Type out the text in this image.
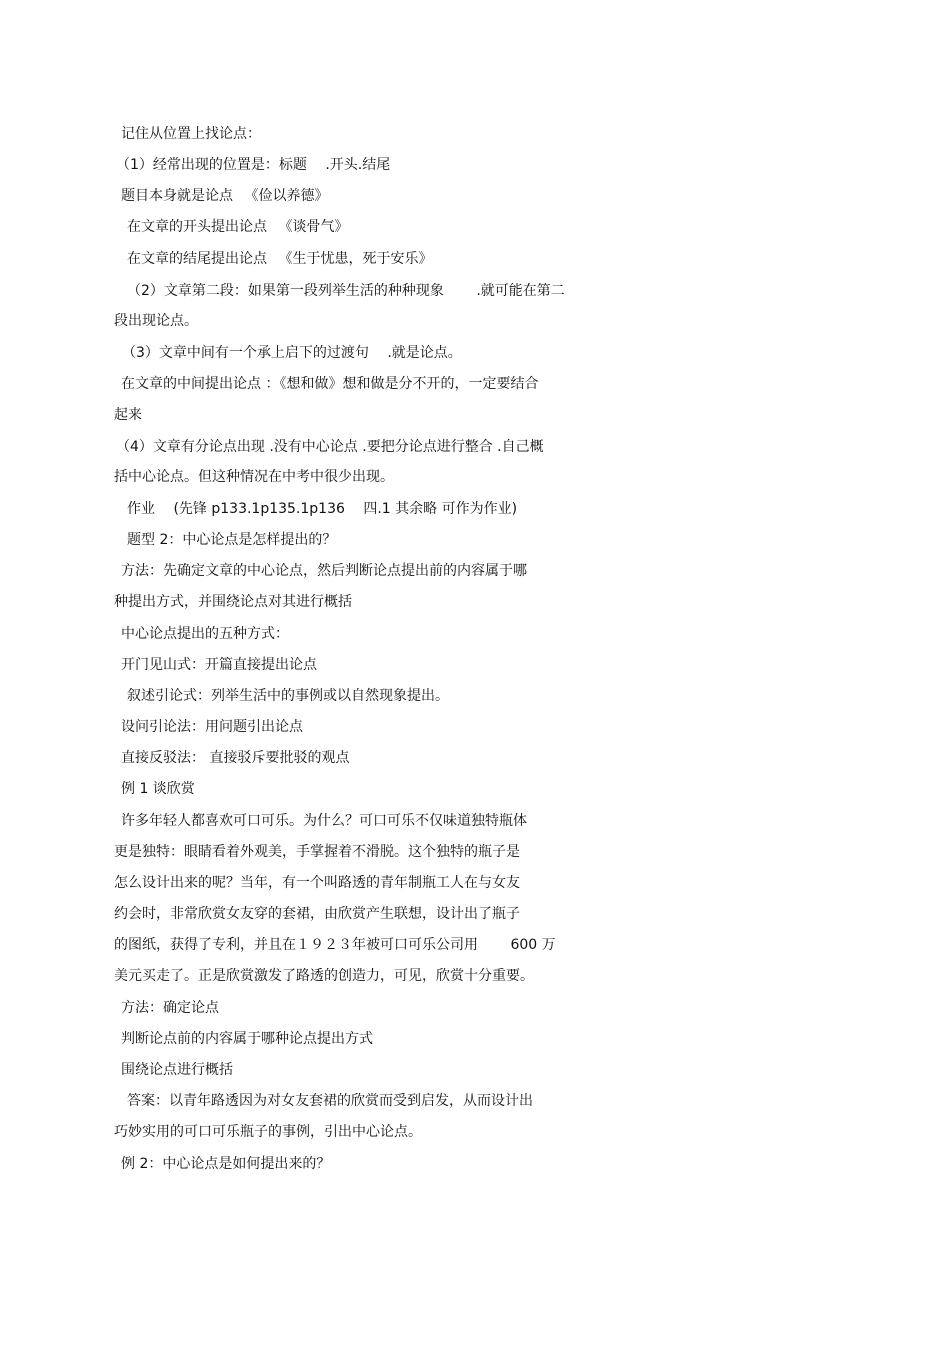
记住从位置上找论点：
（1）经常出现的位置是：标题 　.开头.结尾
题目本身就是论点 　《俭以养德》
在文章的开头提出论点 　《谈骨气》
在文章的结尾提出论点 　《生于忧患，死于安乐》
（2）文章第二段：如果第一段列举生活的种种现象 　　.就可能在第二
段出现论点。
（3）文章中间有一个承上启下的过渡句 　.就是论点。
在文章的中间提出论点 ：《想和做》想和做是分不开的，一定要结合
起来
（4）文章有分论点出现 .没有中心论点 .要把分论点进行整合 .自己概
括中心论点。但这种情况在中考中很少出现。
作业 　(先锋 p133.1p135.1p136 　四.1 其余略 可作为作业)
题型 2：中心论点是怎样提出的？
方法：先确定文章的中心论点，然后判断论点提出前的内容属于哪
种提出方式，并围绕论点对其进行概括
中心论点提出的五种方式：
开门见山式：开篇直接提出论点
叙述引论式：列举生活中的事例或以自然现象提出。
设问引论法：用问题引出论点
直接反驳法： 直接驳斥要批驳的观点
例 1 谈欣赏
许多年轻人都喜欢可口可乐。为什么？可口可乐不仅味道独特瓶体
更是独特：眼睛看着外观美，手掌握着不滑脱。这个独特的瓶子是
怎么设计出来的呢？当年，有一个叫路透的青年制瓶工人在与女友
约会时，非常欣赏女友穿的套裙，由欣赏产生联想，设计出了瓶子
的图纸，获得了专利，并且在１９２３年被可口可乐公司用 　　600 万
美元买走了。正是欣赏激发了路透的创造力，可见，欣赏十分重要。
方法：确定论点
判断论点前的内容属于哪种论点提出方式
围绕论点进行概括
答案：以青年路透因为对女友套裙的欣赏而受到启发，从而设计出
巧妙实用的可口可乐瓶子的事例，引出中心论点。
例 2：中心论点是如何提出来的？
